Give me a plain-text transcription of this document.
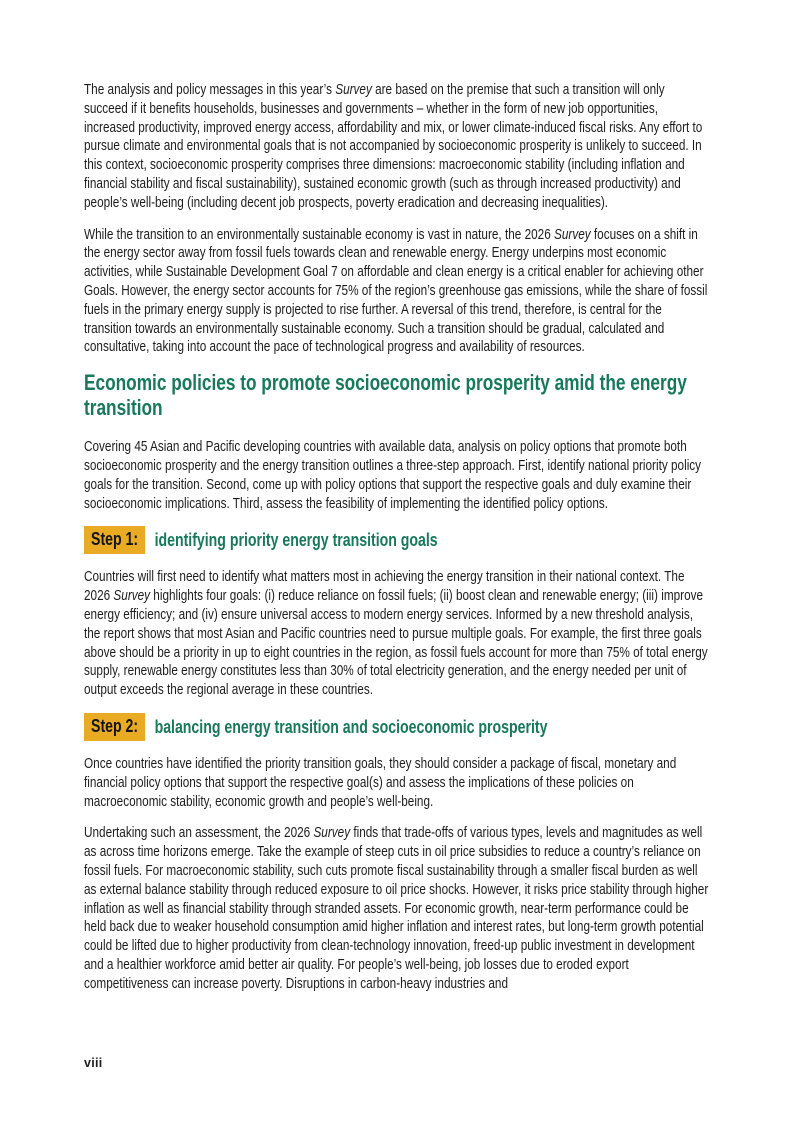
The analysis and policy messages in this year’s Survey are based on the premise that such a transition will only succeed if it benefits households, businesses and governments – whether in the form of new job opportunities, increased productivity, improved energy access, affordability and mix, or lower climate-induced fiscal risks. Any effort to pursue climate and environmental goals that is not accompanied by socioeconomic prosperity is unlikely to succeed. In this context, socioeconomic prosperity comprises three dimensions: macroeconomic stability (including inflation and financial stability and fiscal sustainability), sustained economic growth (such as through increased productivity) and people’s well-being (including decent job prospects, poverty eradication and decreasing inequalities).

While the transition to an environmentally sustainable economy is vast in nature, the 2026 Survey focuses on a shift in the energy sector away from fossil fuels towards clean and renewable energy. Energy underpins most economic activities, while Sustainable Development Goal 7 on affordable and clean energy is a critical enabler for achieving other Goals. However, the energy sector accounts for 75% of the region’s greenhouse gas emissions, while the share of fossil fuels in the primary energy supply is projected to rise further. A reversal of this trend, therefore, is central for the transition towards an environmentally sustainable economy. Such a transition should be gradual, calculated and consultative, taking into account the pace of technological progress and availability of resources.

Economic policies to promote socioeconomic prosperity amid the energy transition

Covering 45 Asian and Pacific developing countries with available data, analysis on policy options that promote both socioeconomic prosperity and the energy transition outlines a three-step approach. First, identify national priority policy goals for the transition. Second, come up with policy options that support the respective goals and duly examine their socioeconomic implications. Third, assess the feasibility of implementing the identified policy options.

Step 1: identifying priority energy transition goals

Countries will first need to identify what matters most in achieving the energy transition in their national context. The 2026 Survey highlights four goals: (i) reduce reliance on fossil fuels; (ii) boost clean and renewable energy; (iii) improve energy efficiency; and (iv) ensure universal access to modern energy services. Informed by a new threshold analysis, the report shows that most Asian and Pacific countries need to pursue multiple goals. For example, the first three goals above should be a priority in up to eight countries in the region, as fossil fuels account for more than 75% of total energy supply, renewable energy constitutes less than 30% of total electricity generation, and the energy needed per unit of output exceeds the regional average in these countries.

Step 2: balancing energy transition and socioeconomic prosperity

Once countries have identified the priority transition goals, they should consider a package of fiscal, monetary and financial policy options that support the respective goal(s) and assess the implications of these policies on macroeconomic stability, economic growth and people’s well-being.

Undertaking such an assessment, the 2026 Survey finds that trade-offs of various types, levels and magnitudes as well as across time horizons emerge. Take the example of steep cuts in oil price subsidies to reduce a country’s reliance on fossil fuels. For macroeconomic stability, such cuts promote fiscal sustainability through a smaller fiscal burden as well as external balance stability through reduced exposure to oil price shocks. However, it risks price stability through higher inflation as well as financial stability through stranded assets. For economic growth, near-term performance could be held back due to weaker household consumption amid higher inflation and interest rates, but long-term growth potential could be lifted due to higher productivity from clean-technology innovation, freed-up public investment in development and a healthier workforce amid better air quality. For people’s well-being, job losses due to eroded export competitiveness can increase poverty. Disruptions in carbon-heavy industries and

viii
